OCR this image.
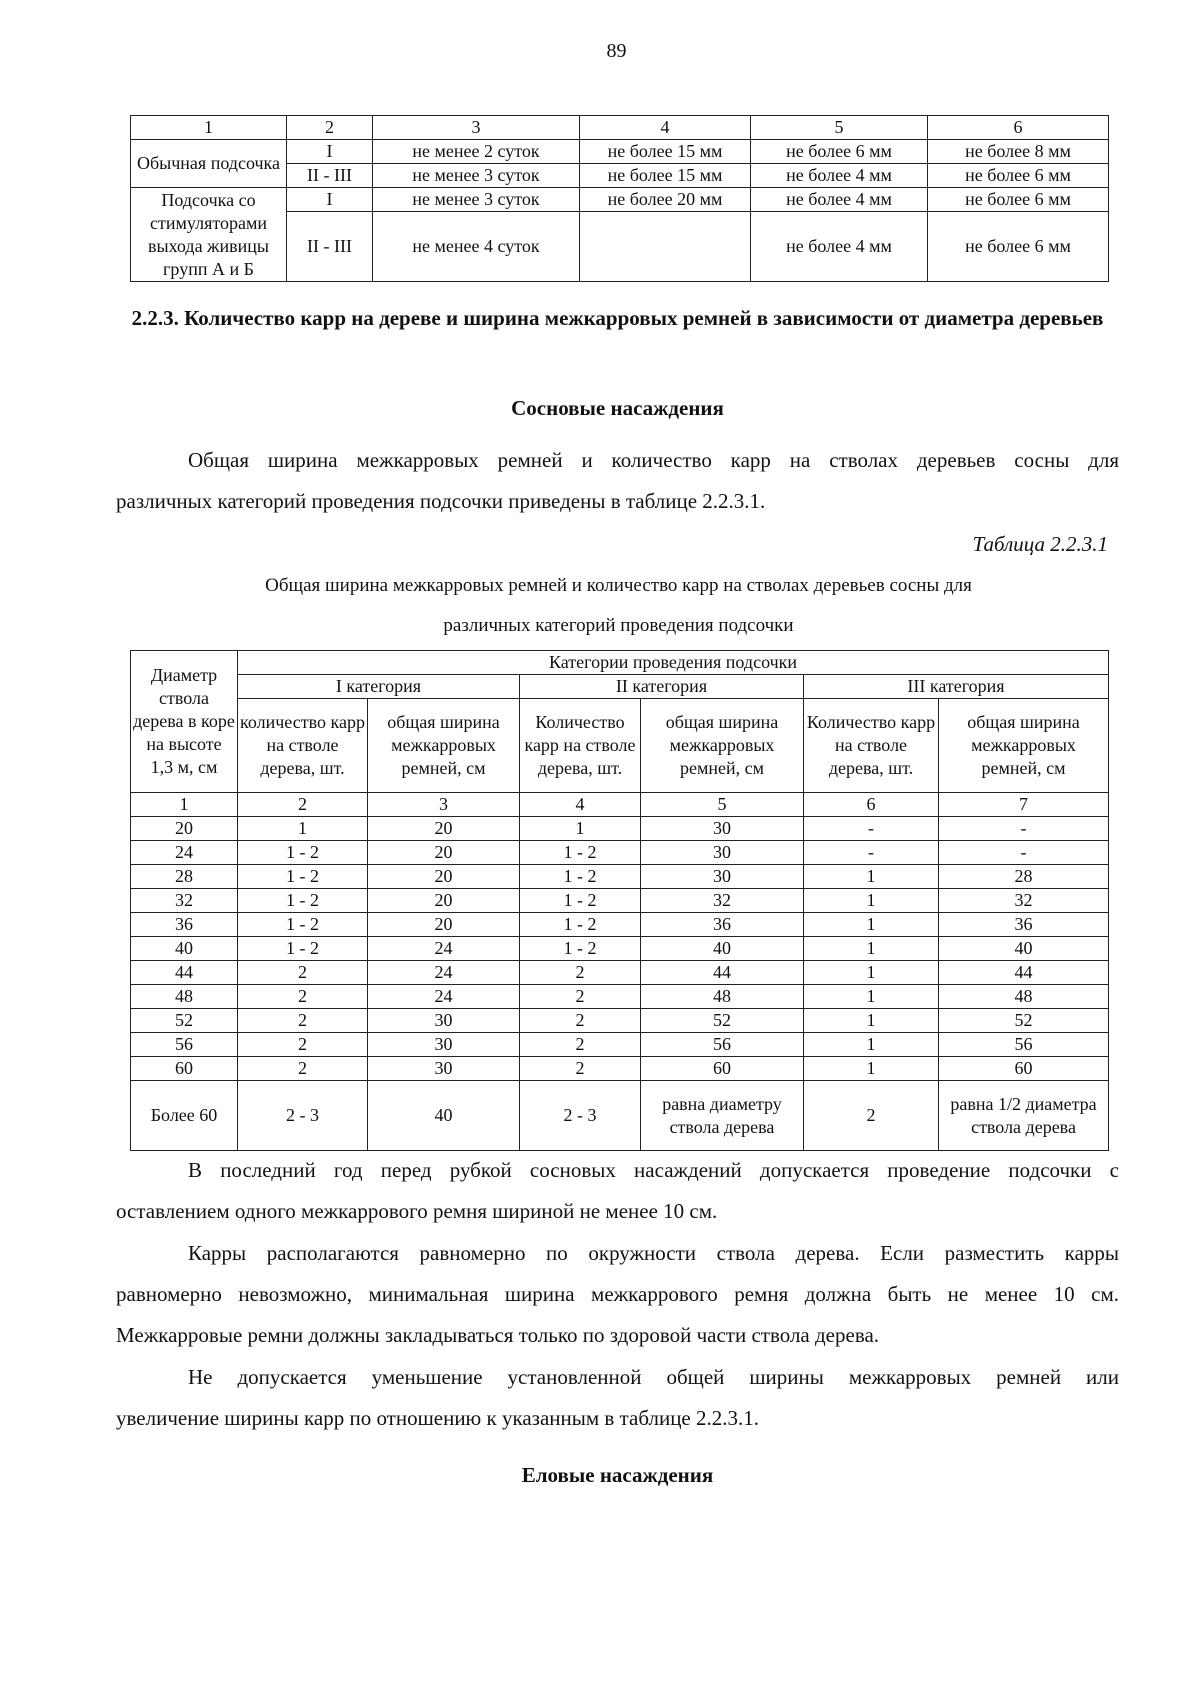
89
1	2	3	4	5	6
Обычная подсочка	I	не менее 2 суток	не более 15 мм	не более 6 мм	не более 8 мм
	II - III	не менее 3 суток	не более 15 мм	не более 4 мм	не более 6 мм
Подсочка со стимуляторами выхода живицы групп А и Б	I	не менее 3 суток	не более 20 мм	не более 4 мм	не более 6 мм
	II - III	не менее 4 суток		не более 4 мм	не более 6 мм
2.2.3. Количество карр на дереве и ширина межкарровых ремней в зависимости от диаметра деревьев
Сосновые насаждения
Общая ширина межкарровых ремней и количество карр на стволах деревьев сосны для
различных категорий проведения подсочки приведены в таблице 2.2.3.1.
Таблица 2.2.3.1
Общая ширина межкарровых ремней и количество карр на стволах деревьев сосны для
различных категорий проведения подсочки
Диаметр ствола дерева в коре на высоте 1,3 м, см	Категории проведения подсочки					
	I категория		II категория		III категория	
	количество карр на стволе дерева, шт.	общая ширина межкарровых ремней, см	Количество карр на стволе дерева, шт.	общая ширина межкарровых ремней, см	Количество карр на стволе дерева, шт.	общая ширина межкарровых ремней, см
1	2	3	4	5	6	7
20	1	20	1	30	-	-
24	1 - 2	20	1 - 2	30	-	-
28	1 - 2	20	1 - 2	30	1	28
32	1 - 2	20	1 - 2	32	1	32
36	1 - 2	20	1 - 2	36	1	36
40	1 - 2	24	1 - 2	40	1	40
44	2	24	2	44	1	44
48	2	24	2	48	1	48
52	2	30	2	52	1	52
56	2	30	2	56	1	56
60	2	30	2	60	1	60
Более 60	2 - 3	40	2 - 3	равна диаметру ствола дерева	2	равна 1/2 диаметра ствола дерева
В последний год перед рубкой сосновых насаждений допускается проведение подсочки с
оставлением одного межкаррового ремня шириной не менее 10 см.
Карры располагаются равномерно по окружности ствола дерева. Если разместить карры
равномерно невозможно, минимальная ширина межкаррового ремня должна быть не менее 10 см. Межкарровые ремни должны закладываться только по здоровой части ствола дерева.
Не допускается уменьшение установленной общей ширины межкарровых ремней или
увеличение ширины карр по отношению к указанным в таблице 2.2.3.1.
Еловые насаждения
